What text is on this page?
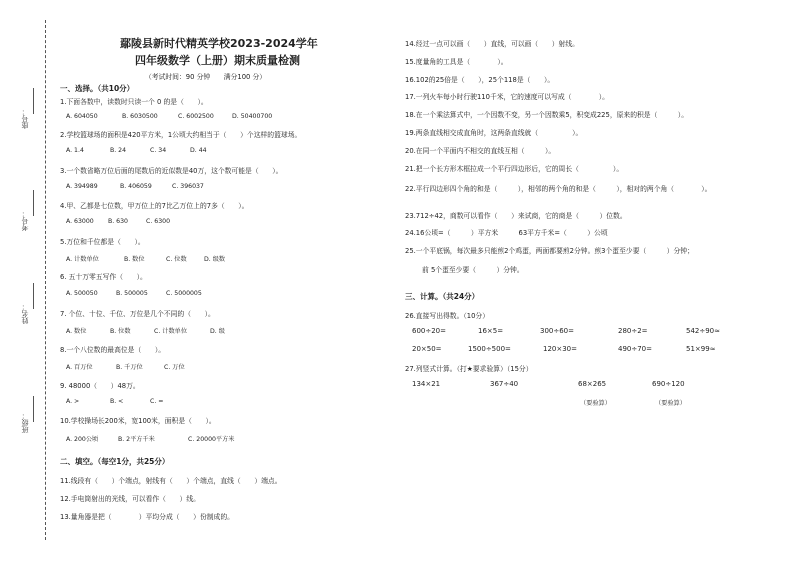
座号：
考号：
姓名：
班级：
鄢陵县新时代精英学校2023-2024学年
四年级数学（上册）期末质量检测
（考试时间：90 分钟　　满分100 分）
一、选择。（共10分）
1.下面各数中，读数时只读一个 0 的是（　　）。
A. 604050	B. 6030500	C. 6002500	D. 50400700
2.学校篮球场的面积是420平方米，1公顷大约相当于（　　）个这样的篮球场。
A. 1.4	B. 24	C. 34	D. 44
3.一个数省略万位后面的尾数后的近似数是40万，这个数可能是（　　）。
A. 394989	B. 406059	C. 396037
4.甲、乙都是七位数，甲万位上的7比乙万位上的7多（　　）。
A. 63000 B. 630	C. 6300
5.万位和千位都是（　　）。
A. 计数单位	B. 数位	C. 位数	D. 级数
6. 五十万零五写作（　　）。
A. 500050	B. 500005	C. 5000005
7. 个位、十位、千位、万位是几个不同的（　　）。
A. 数位	B. 位数	C. 计数单位	D. 级
8.一个八位数的最高位是（　　）。
A. 百万位	B. 千万位	C. 万位
9. 48000（　　）48万。
A. >	B. <	C. =
10.学校操场长200米，宽100米，面积是（　　）。
A. 200公顷	B. 2平方千米	C. 20000平方米
二、填空。（每空1分，共25分）
11.线段有（　　）个端点，射线有（　　）个端点，直线（　　）端点。
12.手电筒射出的光线，可以看作（　　）线。
13.量角器是把（　　　　）平均分成（　　）份制成的。
14.经过一点可以画（　　）直线，可以画（　　）射线。
15.度量角的工具是（　　　　）。
16.102的25倍是（　　），25个118是（　　）。
17.一列火车每小时行驶110千米，它的速度可以写成（　　　　）。
18.在一个乘法算式中，一个因数不变，另一个因数乘5，积变成225，原来的积是（　　　）。
19.两条直线相交成直角时，这两条直线就（　　　　　）。
20.在同一个平面内不相交的直线互相（　　　）。
21.把一个长方形木框拉成一个平行四边形后，它的周长（　　　　　）。
22.平行四边形四个角的和是（　　　），相邻的两个角的和是（　　　），相对的两个角（　　　　）。
23.712÷42，商数可以看作（　　）来试商，它的商是（　　　）位数。
24.16公顷=（　　　）平方米　　　63平方千米=（　　　）公顷
25.一个平底锅，每次最多只能煎2个鸡蛋，两面都要煎2分钟。煎3个蛋至少要（　　　）分钟；
前 5个蛋至少要（　　　）分钟。
三、计算。（共24分）
26.直接写出得数。（10分）
600÷20=	16×5=	300÷60=	280÷2=	542÷90≈
20×50=	1500÷500=	120×30=	490÷70=	51×99≈
27.列竖式计算。（打★要求验算）（15分）
134×21	367÷40	68×265	690÷120
（要验算）	（要验算）
